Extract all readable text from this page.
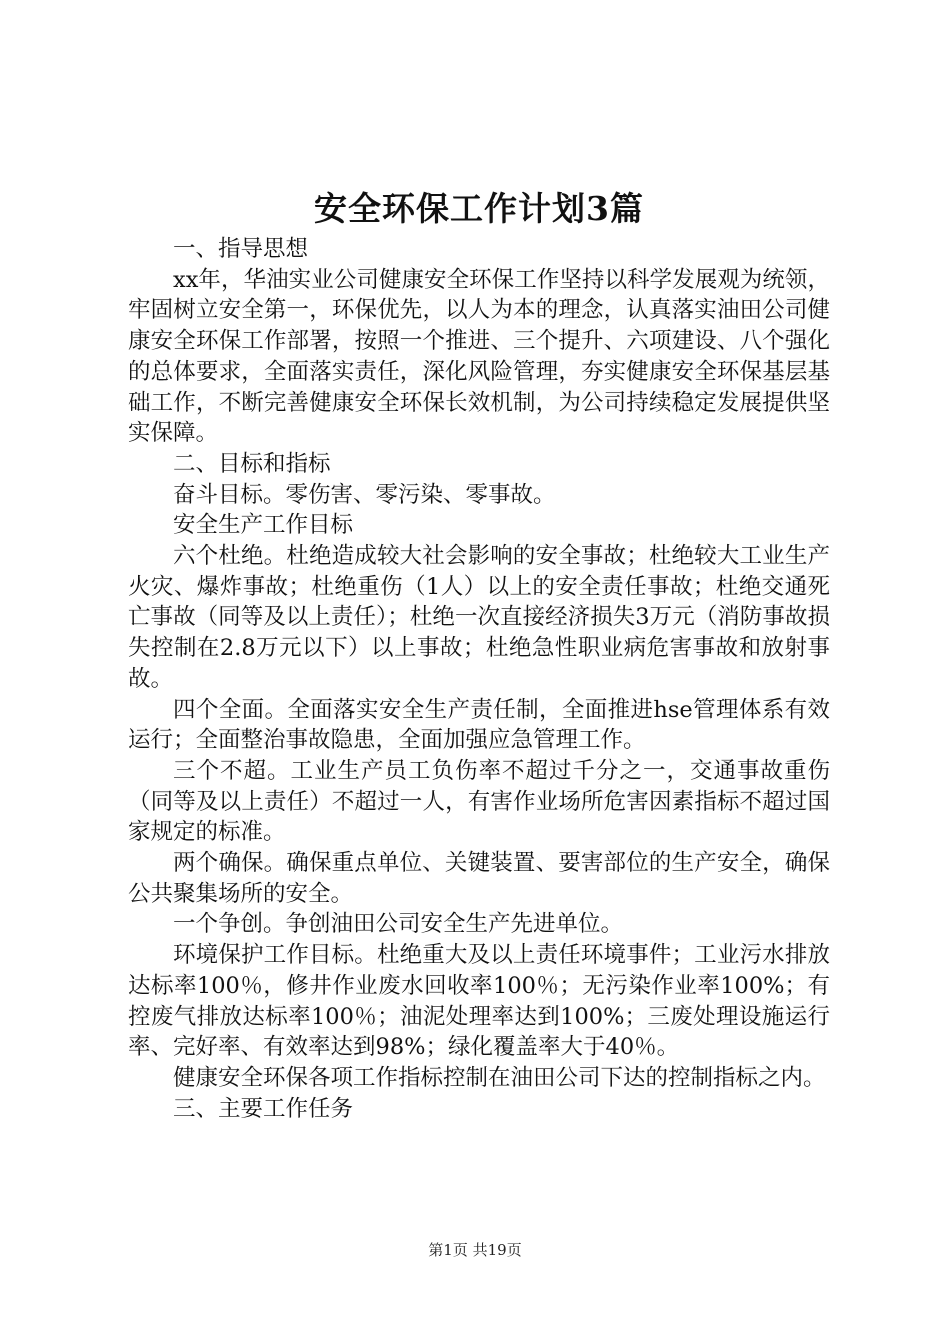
安全环保工作计划3篇

一、指导思想

xx年，华油实业公司健康安全环保工作坚持以科学发展观为统领，牢固树立安全第一，环保优先，以人为本的理念，认真落实油田公司健康安全环保工作部署，按照一个推进、三个提升、六项建设、八个强化的总体要求，全面落实责任，深化风险管理，夯实健康安全环保基层基础工作，不断完善健康安全环保长效机制，为公司持续稳定发展提供坚实保障。

二、目标和指标

奋斗目标。零伤害、零污染、零事故。

安全生产工作目标

六个杜绝。杜绝造成较大社会影响的安全事故；杜绝较大工业生产火灾、爆炸事故；杜绝重伤（1人）以上的安全责任事故；杜绝交通死亡事故（同等及以上责任）；杜绝一次直接经济损失3万元（消防事故损失控制在2.8万元以下）以上事故；杜绝急性职业病危害事故和放射事故。

四个全面。全面落实安全生产责任制，全面推进hse管理体系有效运行；全面整治事故隐患，全面加强应急管理工作。

三个不超。工业生产员工负伤率不超过千分之一，交通事故重伤（同等及以上责任）不超过一人，有害作业场所危害因素指标不超过国家规定的标准。

两个确保。确保重点单位、关键装置、要害部位的生产安全，确保公共聚集场所的安全。

一个争创。争创油田公司安全生产先进单位。

环境保护工作目标。杜绝重大及以上责任环境事件；工业污水排放达标率100％，修井作业废水回收率100％；无污染作业率100%；有控废气排放达标率100％；油泥处理率达到100%；三废处理设施运行率、完好率、有效率达到98%；绿化覆盖率大于40％。

健康安全环保各项工作指标控制在油田公司下达的控制指标之内。

三、主要工作任务

第1页 共19页
